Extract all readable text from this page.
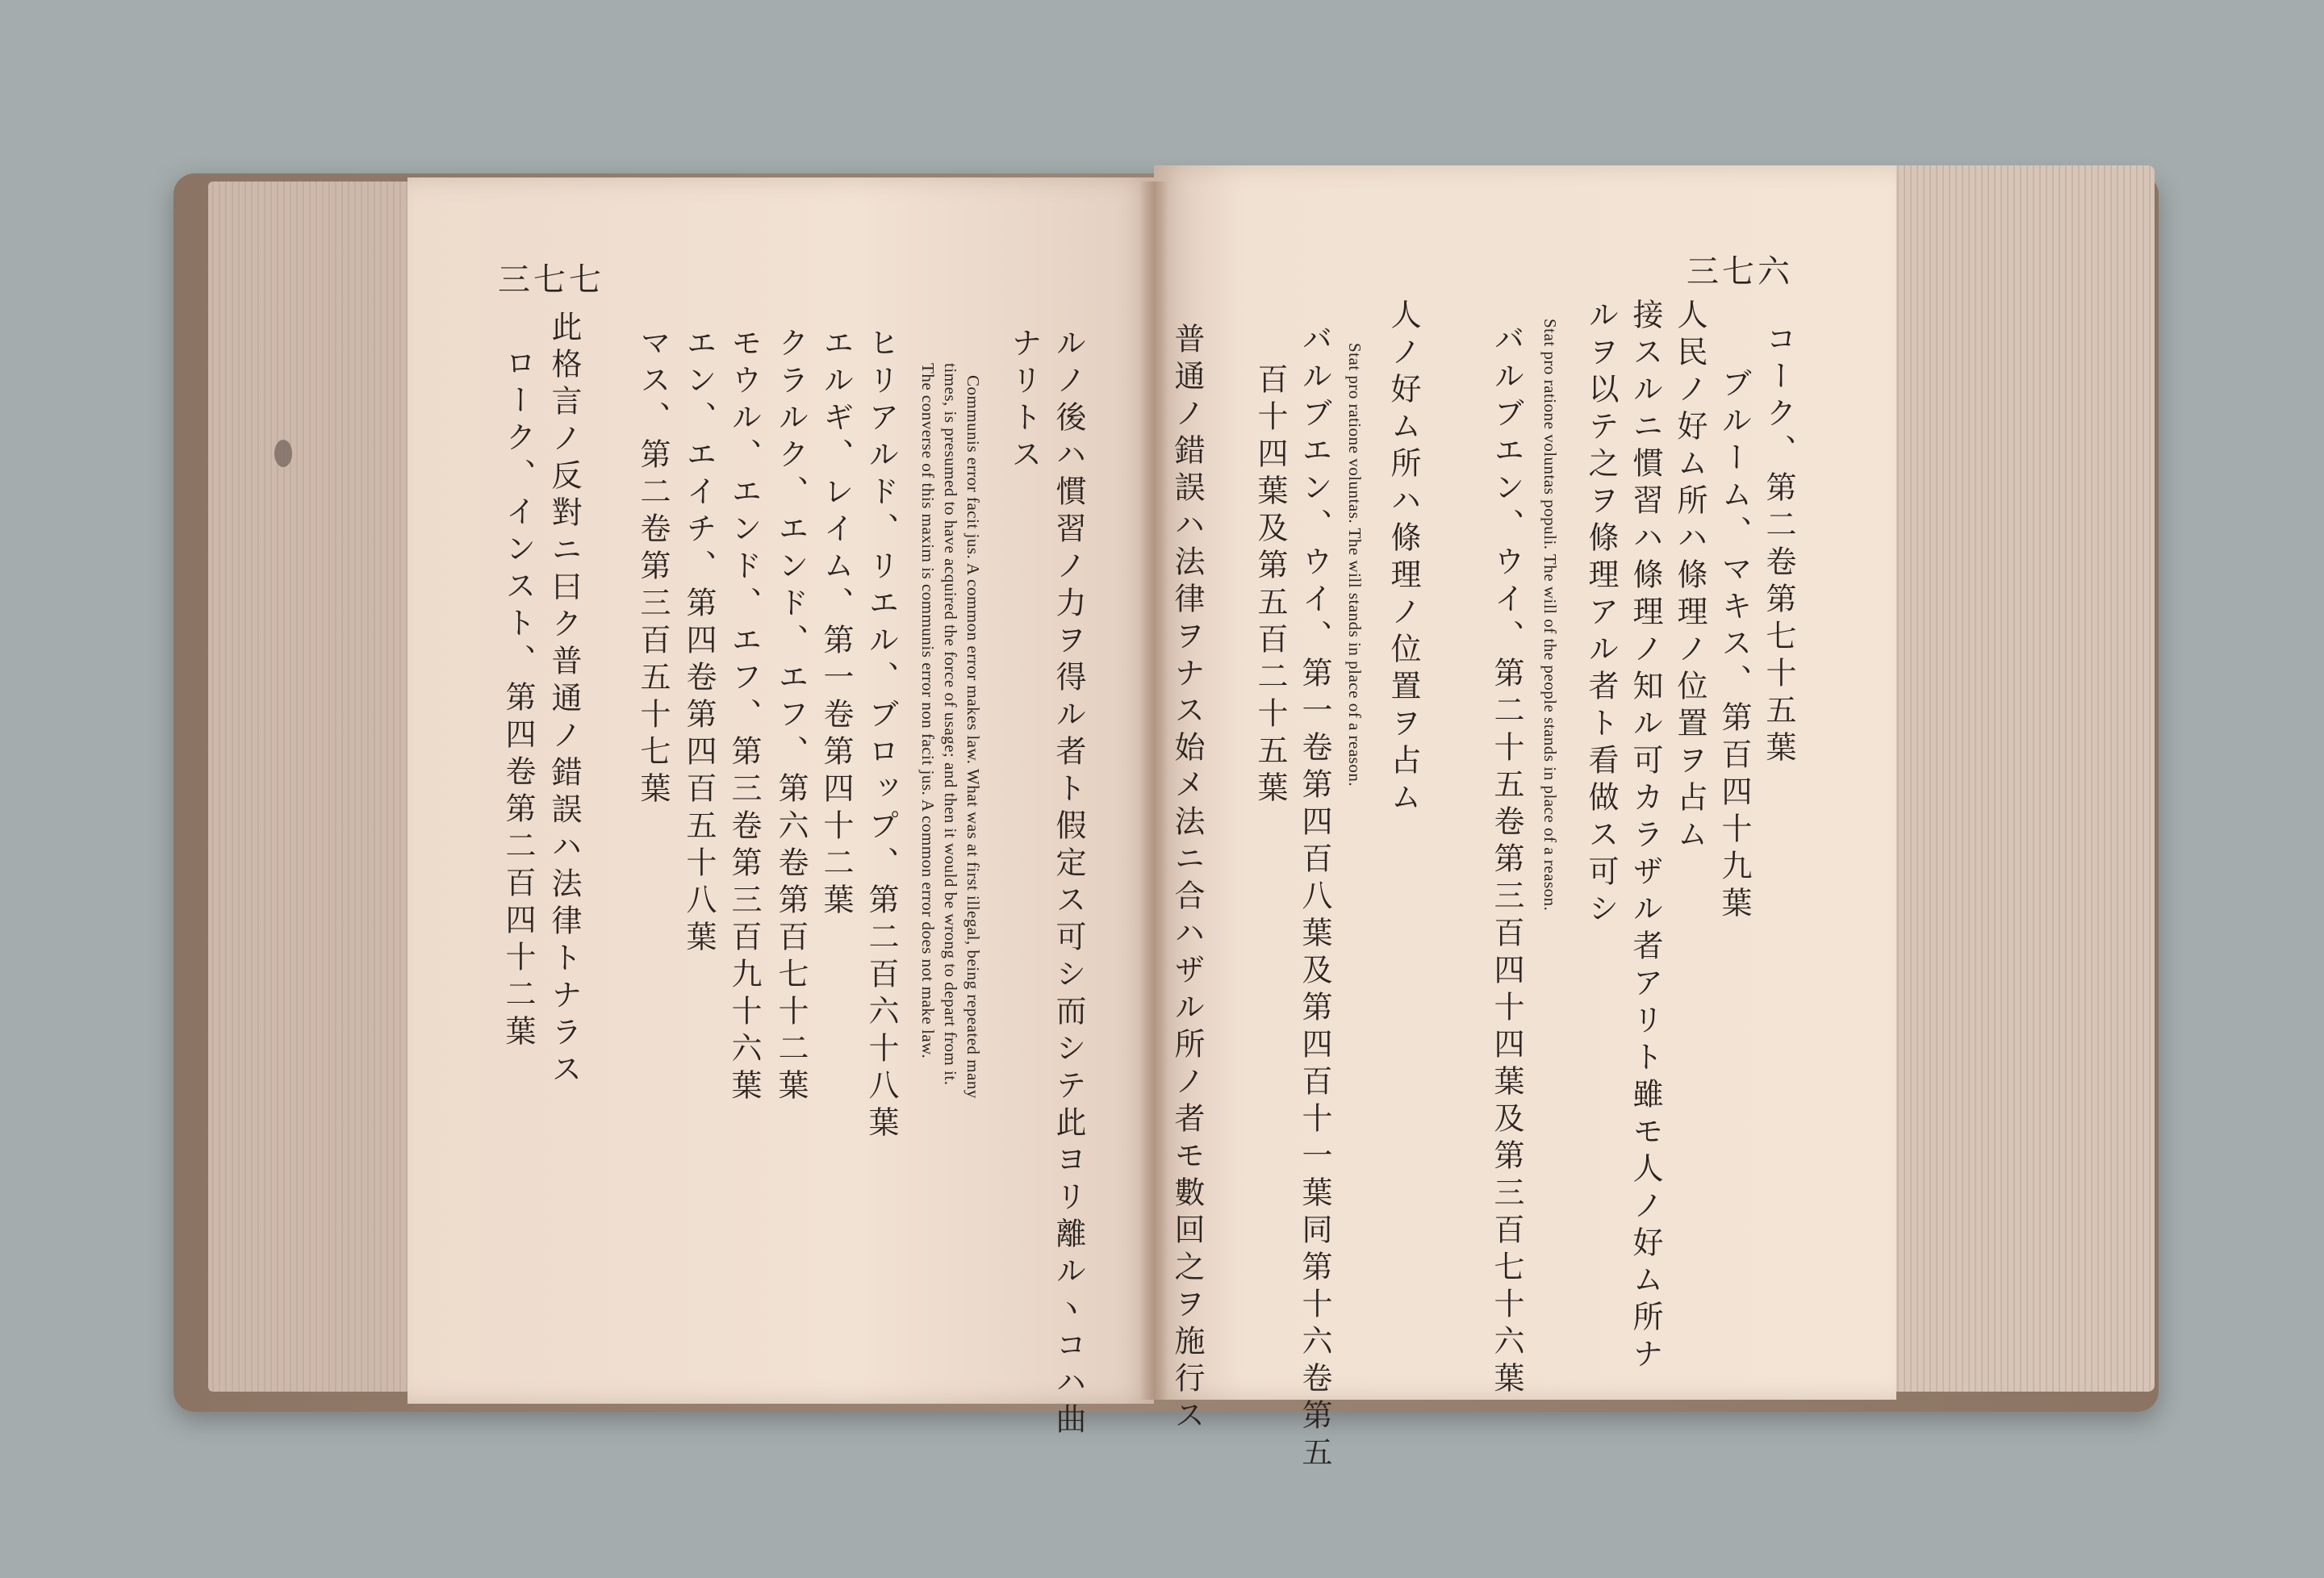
三七七
ルノ後ハ慣習ノ力ヲ得ル者ト假定ス可シ而シテ此ヨリ離ルヽコハ曲
ナリトス
Communis error facit jus. A common error makes law. What was at first illegal, being repeated many
times, is presumed to have acquired the force of usage; and then it would be wrong to depart from it.
The converse of this maxim is communis error non facit jus. A common error does not make law.
ヒリアルド、リエル、ブロップ、第二百六十八葉
エルギ、レイム、第一卷第四十二葉
クラルク、エンド、エフ、第六卷第百七十二葉
モウル、エンド、エフ、第三卷第三百九十六葉
エン、エイチ、第四卷第四百五十八葉
マス、第二卷第三百五十七葉
此格言ノ反對ニ曰ク普通ノ錯誤ハ法律トナラス
ローク、インスト、第四卷第二百四十二葉
三七六
コーク、第二卷第七十五葉
ブルーム、マキス、第百四十九葉
人民ノ好ム所ハ條理ノ位置ヲ占ム
接スルニ慣習ハ條理ノ知ル可カラザル者アリト雖モ人ノ好ム所ナ
ルヲ以テ之ヲ條理アル者ト看做ス可シ
Stat pro ratione voluntas populi. The will of the people stands in place of a reason.
バルブエン、ウイ、第二十五卷第三百四十四葉及第三百七十六葉
人ノ好ム所ハ條理ノ位置ヲ占ム
Stat pro ratione voluntas. The will stands in place of a reason.
バルブエン、ウイ、第一卷第四百八葉及第四百十一葉同第十六卷第五
百十四葉及第五百二十五葉
普通ノ錯誤ハ法律ヲナス始メ法ニ合ハザル所ノ者モ數回之ヲ施行ス
